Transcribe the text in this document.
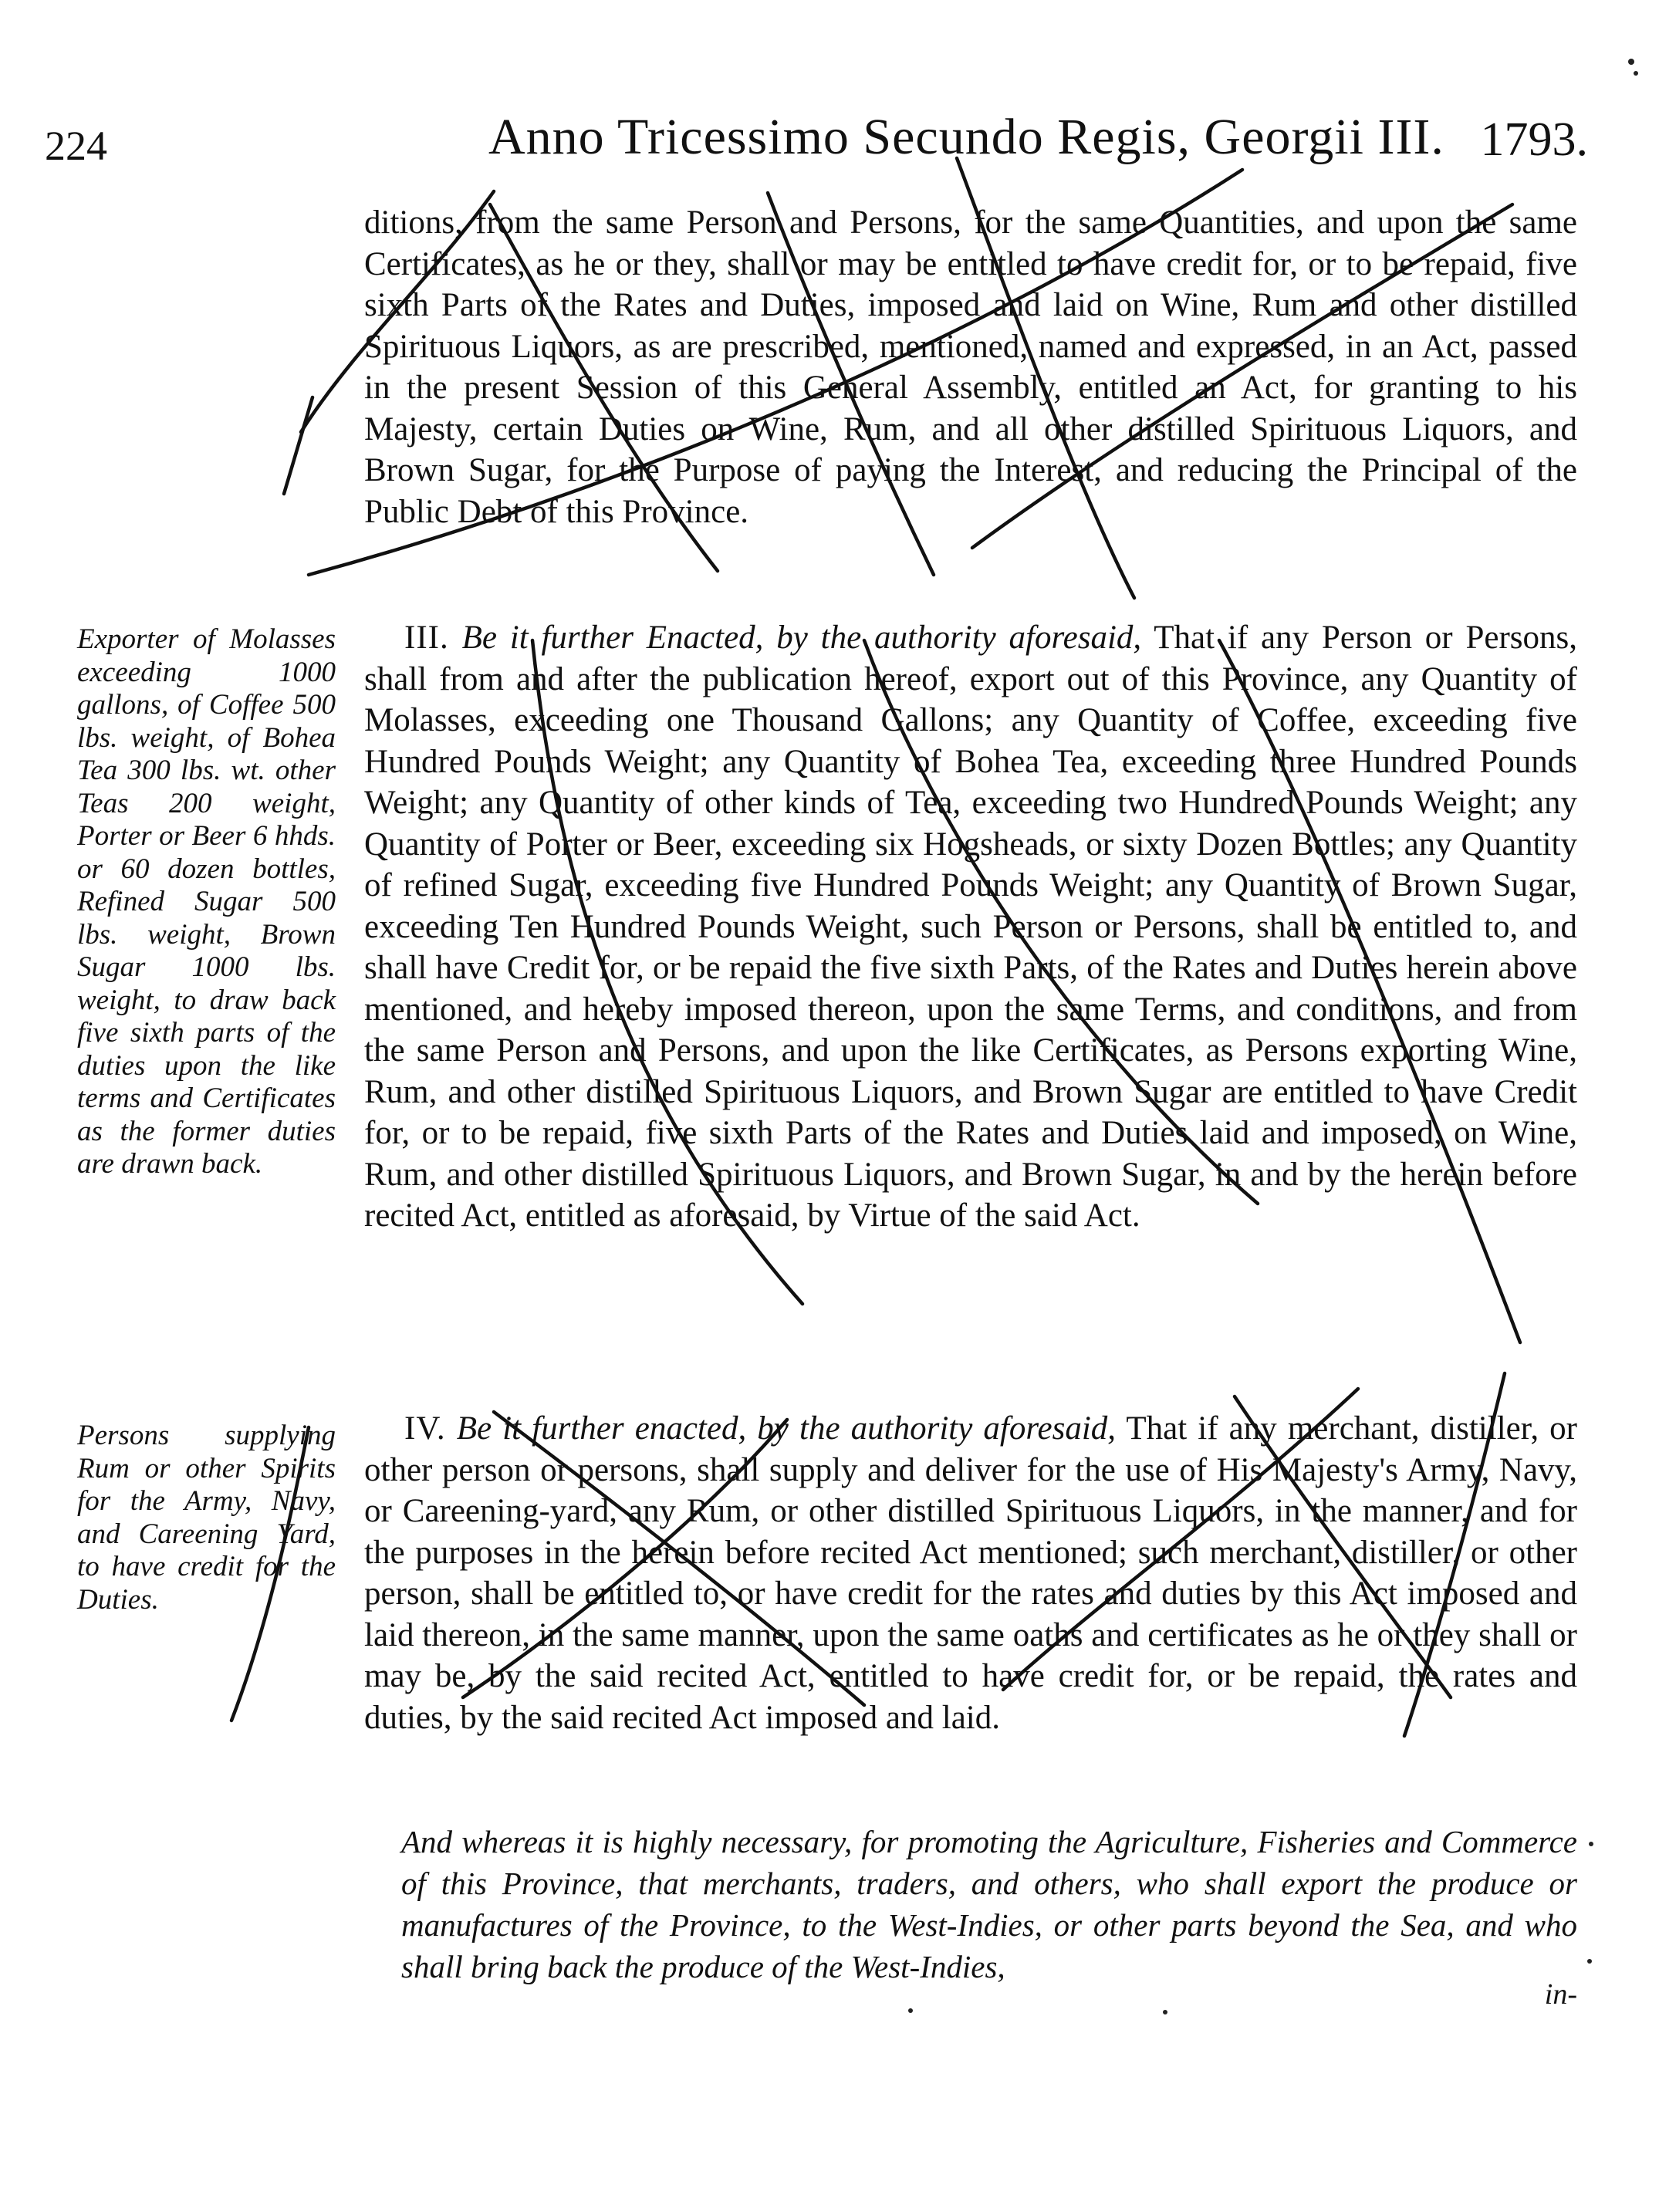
224	Anno Tricessimo Secundo Regis, Georgii III. 1793.

ditions, from the same Person and Persons, for the same Quantities, and upon the same Certificates, as he or they, shall or may be entitled to have credit for, or to be repaid, five sixth Parts of the Rates and Duties, imposed and laid on Wine, Rum and other distilled Spirituous Liquors, as are prescribed, mentioned, named and expressed, in an Act, passed in the present Session of this General Assembly, entitled an Act, for granting to his Majesty, certain Duties on Wine, Rum, and all other distilled Spirituous Liquors, and Brown Sugar, for the Purpose of paying the Interest, and reducing the Principal of the Public Debt of this Province.

Exporter of Molasses exceeding 1000 gallons, of Coffee 500 lbs. weight, of Bohea Tea 300 lbs. wt. other Teas 200 weight, Porter or Beer 6 hhds. or 60 dozen bottles, Refined Sugar 500 lbs. weight, Brown Sugar 1000 lbs. weight, to draw back five sixth parts of the duties upon the like terms and Certificates as the former duties are drawn back.

III. Be it further Enacted, by the authority aforesaid, That if any Person or Persons, shall from and after the publication hereof, export out of this Province, any Quantity of Molasses, exceeding one Thousand Gallons; any Quantity of Coffee, exceeding five Hundred Pounds Weight; any Quantity of Bohea Tea, exceeding three Hundred Pounds Weight; any Quantity of other kinds of Tea, exceeding two Hundred Pounds Weight; any Quantity of Porter or Beer, exceeding six Hogsheads, or sixty Dozen Bottles; any Quantity of refined Sugar, exceeding five Hundred Pounds Weight; any Quantity of Brown Sugar, exceeding Ten Hundred Pounds Weight, such Person or Persons, shall be entitled to, and shall have Credit for, or be repaid the five sixth Parts, of the Rates and Duties herein above mentioned, and hereby imposed thereon, upon the same Terms, and conditions, and from the same Person and Persons, and upon the like Certificates, as Persons exporting Wine, Rum, and other distilled Spirituous Liquors, and Brown Sugar are entitled to have Credit for, or to be repaid, five sixth Parts of the Rates and Duties laid and imposed, on Wine, Rum, and other distilled Spirituous Liquors, and Brown Sugar, in and by the herein before recited Act, entitled as aforesaid, by Virtue of the said Act.

Persons supplying Rum or other Spirits for the Army, Navy, and Careening Yard, to have credit for the Duties.

IV. Be it further enacted, by the authority aforesaid, That if any merchant, distiller, or other person or persons, shall supply and deliver for the use of His Majesty's Army, Navy, or Careening-yard, any Rum, or other distilled Spirituous Liquors, in the manner, and for the purposes in the herein before recited Act mentioned; such merchant, distiller, or other person, shall be entitled to, or have credit for the rates and duties by this Act imposed and laid thereon, in the same manner, upon the same oaths and certificates as he or they shall or may be, by the said recited Act, entitled to have credit for, or be repaid, the rates and duties, by the said recited Act imposed and laid.

And whereas it is highly necessary, for promoting the Agriculture, Fisheries and Commerce of this Province, that merchants, traders, and others, who shall export the produce or manufactures of the Province, to the West-Indies, or other parts beyond the Sea, and who shall bring back the produce of the West-Indies,

in-
